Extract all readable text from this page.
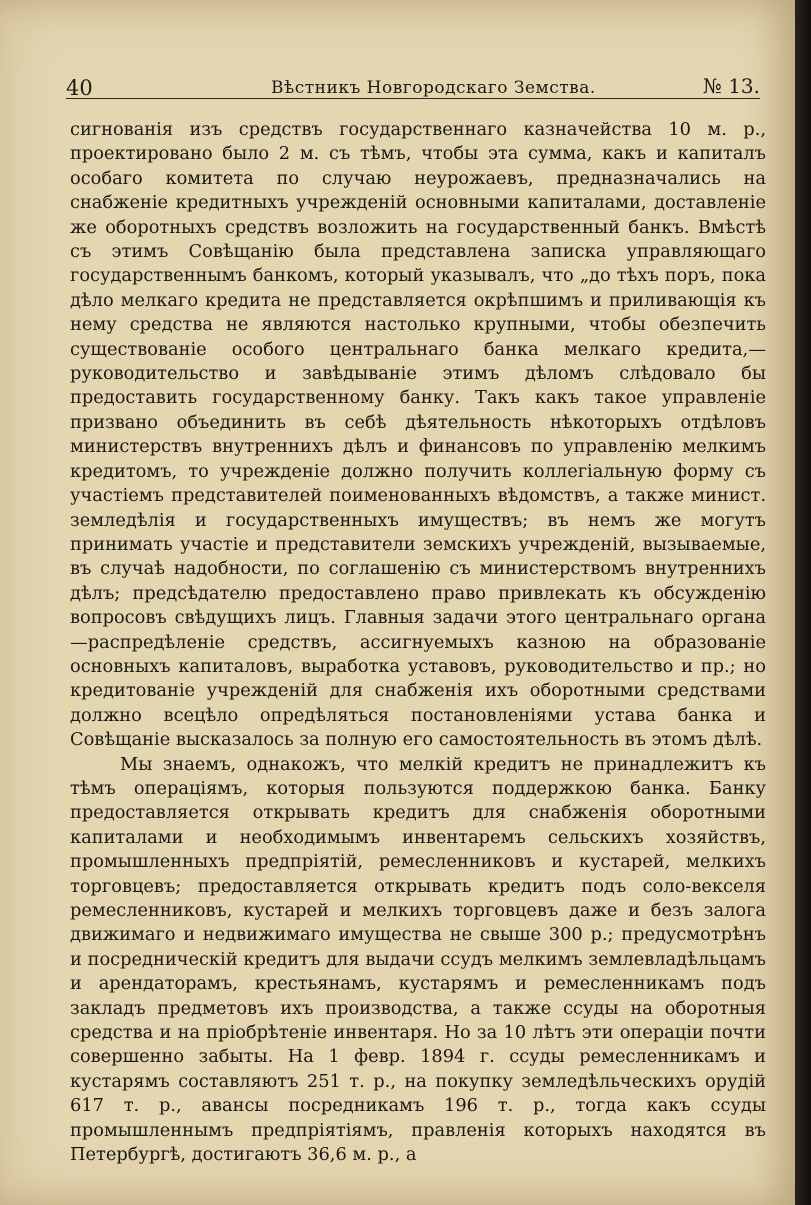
40	Вѣстникъ Новгородскаго Земства.	№ 13.

сигнованія изъ средствъ государственнаго казначейства 10 м. р., проектировано было 2 м. съ тѣмъ, чтобы эта сумма, какъ и капиталъ особаго комитета по случаю неурожаевъ, предназначались на снабженіе кредитныхъ учрежденій основными капиталами, доставленіе же оборотныхъ средствъ возложить на государственный банкъ. Вмѣстѣ съ этимъ Совѣщанію была представлена записка управляющаго государственнымъ банкомъ, который указывалъ, что „до тѣхъ поръ, пока дѣло мелкаго кредита не представляется окрѣпшимъ и приливающія къ нему средства не являются настолько крупными, чтобы обезпечить существованіе особого центральнаго банка мелкаго кредита,—руководительство и завѣдываніе этимъ дѣломъ слѣдовало бы предоставить государственному банку. Такъ какъ такое управленіе призвано объединить въ себѣ дѣятельность нѣкоторыхъ отдѣловъ министерствъ внутреннихъ дѣлъ и финансовъ по управленію мелкимъ кредитомъ, то учрежденіе должно получить коллегіальную форму съ участіемъ представителей поименованныхъ вѣдомствъ, а также минист. земледѣлія и государственныхъ имуществъ; въ немъ же могутъ принимать участіе и представители земскихъ учрежденій, вызываемые, въ случаѣ надобности, по соглашенію съ министерствомъ внутреннихъ дѣлъ; предсѣдателю предоставлено право привлекать къ обсужденію вопросовъ свѣдущихъ лицъ. Главныя задачи этого центральнаго органа—распредѣленіе средствъ, ассигнуемыхъ казною на образованіе основныхъ капиталовъ, выработка уставовъ, руководительство и пр.; но кредитованіе учрежденій для снабженія ихъ оборотными средствами должно всецѣло опредѣляться постановленіями устава банка и Совѣщаніе высказалось за полную его самостоятельность въ этомъ дѣлѣ.

Мы знаемъ, однакожъ, что мелкій кредитъ не принадлежитъ къ тѣмъ операціямъ, которыя пользуются поддержкою банка. Банку предоставляется открывать кредитъ для снабженія оборотными капиталами и необходимымъ инвентаремъ сельскихъ хозяйствъ, промышленныхъ предпріятій, ремесленниковъ и кустарей, мелкихъ торговцевъ; предоставляется открывать кредитъ подъ соло-векселя ремесленниковъ, кустарей и мелкихъ торговцевъ даже и безъ залога движимаго и недвижимаго имущества не свыше 300 р.; предусмотрѣнъ и посредническій кредитъ для выдачи ссудъ мелкимъ землевладѣльцамъ и арендаторамъ, крестьянамъ, кустарямъ и ремесленникамъ подъ закладъ предметовъ ихъ производства, а также ссуды на оборотныя средства и на пріобрѣтеніе инвентаря. Но за 10 лѣтъ эти операціи почти совершенно забыты. На 1 февр. 1894 г. ссуды ремесленникамъ и кустарямъ составляютъ 251 т. р., на покупку земледѣльческихъ орудій 617 т. р., авансы посредникамъ 196 т. р., тогда какъ ссуды промышленнымъ предпріятіямъ, правленія которыхъ находятся въ Петербургѣ, достигаютъ 36,6 м. р., а
